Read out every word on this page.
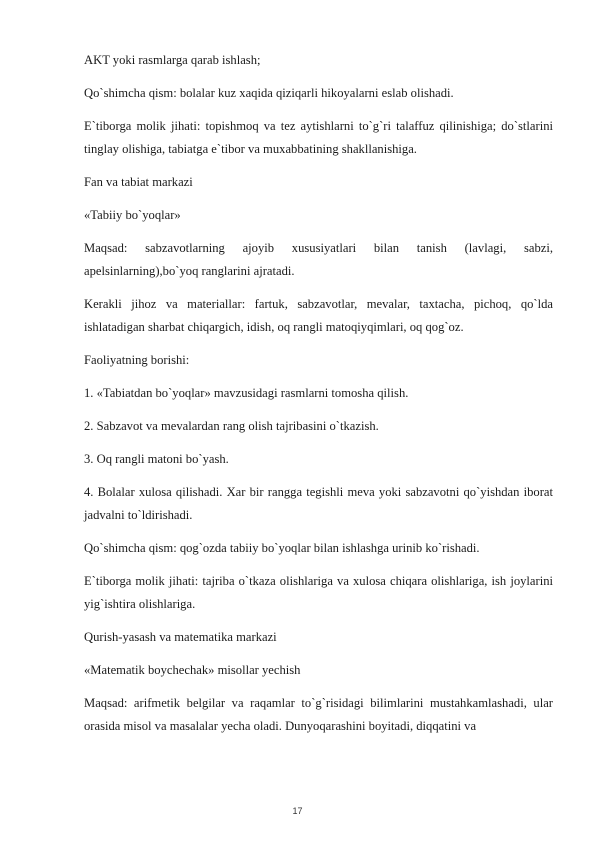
AKT yoki rasmlarga qarab ishlash;

Qo`shimcha qism: bolalar kuz xaqida qiziqarli hikoyalarni eslab olishadi.

E`tiborga molik jihati: topishmoq va tez aytishlarni to`g`ri talaffuz qilinishiga; do`stlarini tinglay olishiga, tabiatga e`tibor va muxabbatining shakllanishiga.

Fan va tabiat markazi

«Tabiiy bo`yoqlar»

Maqsad: sabzavotlarning ajoyib xususiyatlari bilan tanish (lavlagi, sabzi, apelsinlarning),bo`yoq ranglarini ajratadi.

Kerakli jihoz va materiallar: fartuk, sabzavotlar, mevalar, taxtacha, pichoq, qo`lda ishlatadigan sharbat chiqargich, idish, oq rangli matoqiyqimlari, oq qog`oz.

Faoliyatning borishi:

1. «Tabiatdan bo`yoqlar» mavzusidagi rasmlarni tomosha qilish.

2. Sabzavot va mevalardan rang olish tajribasini o`tkazish.

3. Oq rangli matoni bo`yash.

4. Bolalar xulosa qilishadi. Xar bir rangga tegishli meva yoki sabzavotni qo`yishdan iborat jadvalni to`ldirishadi.

Qo`shimcha qism: qog`ozda tabiiy bo`yoqlar bilan ishlashga urinib ko`rishadi.

E`tiborga molik jihati: tajriba o`tkaza olishlariga va xulosa chiqara olishlariga, ish joylarini yig`ishtira olishlariga.

Qurish-yasash va matematika markazi

«Matematik boychechak» misollar yechish

Maqsad: arifmetik belgilar va raqamlar to`g`risidagi bilimlarini mustahkamlashadi, ular orasida misol va masalalar yecha oladi. Dunyoqarashini boyitadi, diqqatini va

17
